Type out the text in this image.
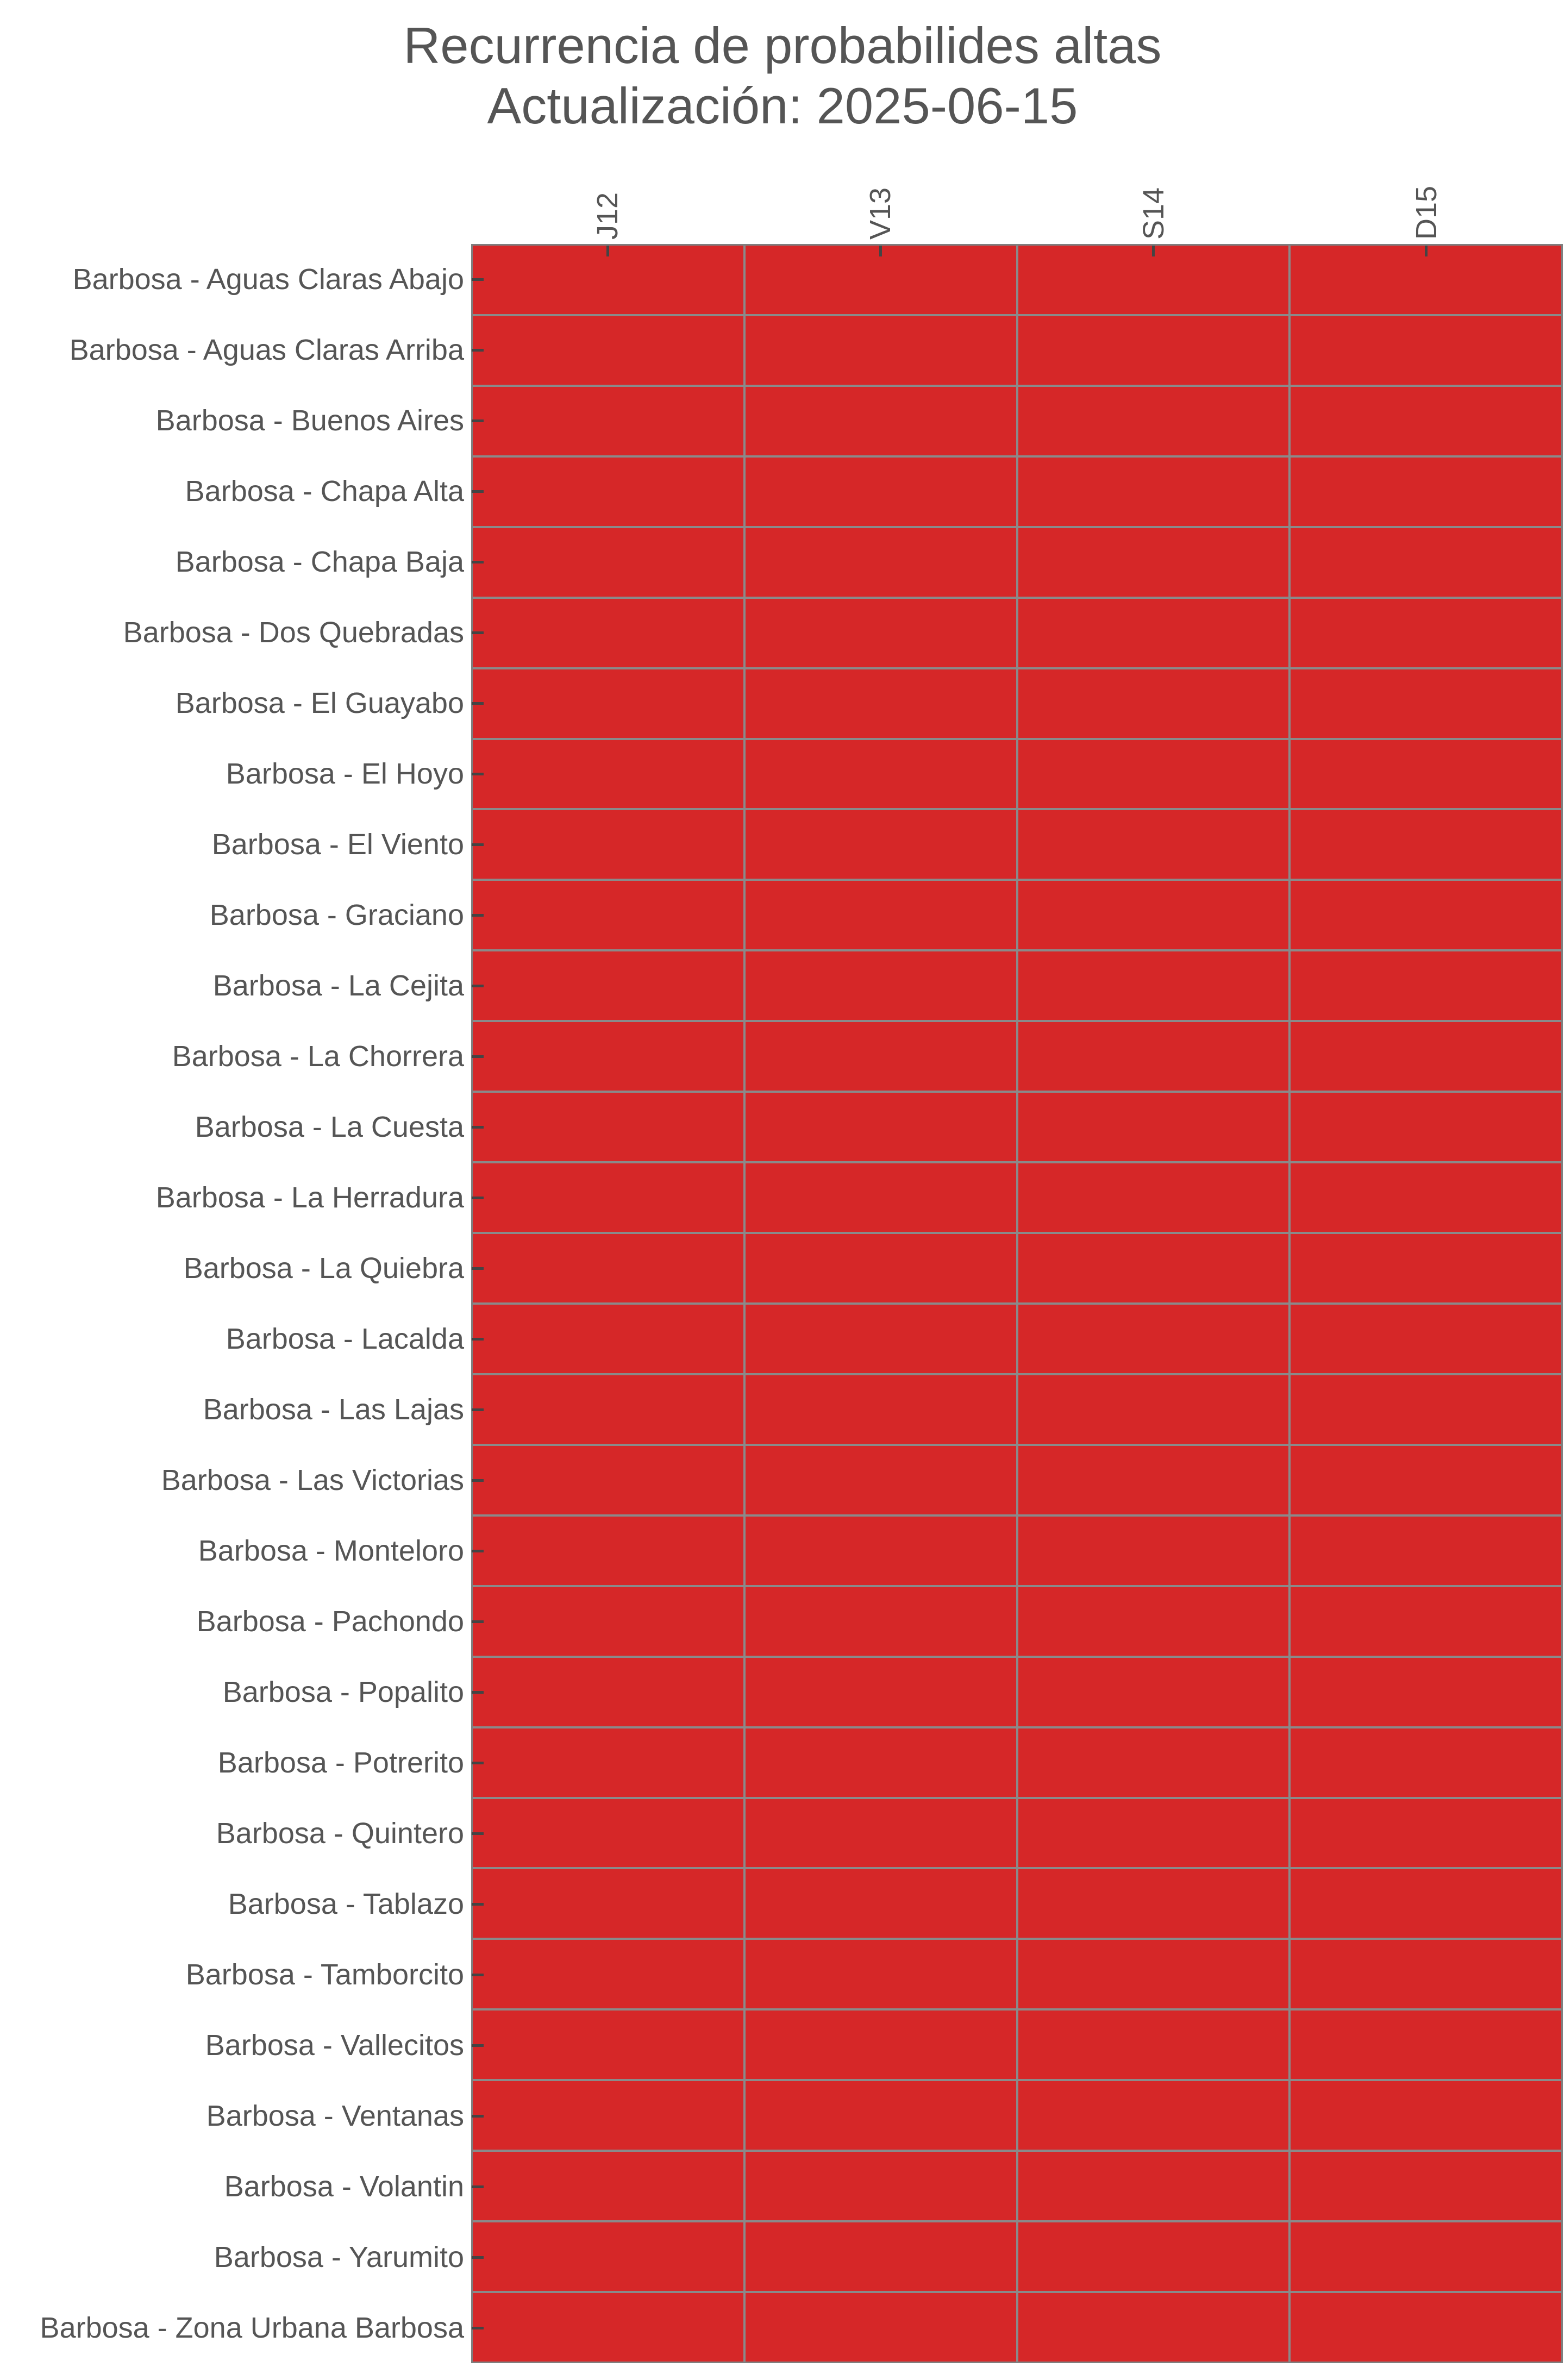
Recurrencia de probabilides altas
Actualización: 2025-06-15
Barbosa - Aguas Claras Abajo
Barbosa - Aguas Claras Arriba
Barbosa - Buenos Aires
Barbosa - Chapa Alta
Barbosa - Chapa Baja
Barbosa - Dos Quebradas
Barbosa - El Guayabo
Barbosa - El Hoyo
Barbosa - El Viento
Barbosa - Graciano
Barbosa - La Cejita
Barbosa - La Chorrera
Barbosa - La Cuesta
Barbosa - La Herradura
Barbosa - La Quiebra
Barbosa - Lacalda
Barbosa - Las Lajas
Barbosa - Las Victorias
Barbosa - Monteloro
Barbosa - Pachondo
Barbosa - Popalito
Barbosa - Potrerito
Barbosa - Quintero
Barbosa - Tablazo
Barbosa - Tamborcito
Barbosa - Vallecitos
Barbosa - Ventanas
Barbosa - Volantin
Barbosa - Yarumito
Barbosa - Zona Urbana Barbosa
J12	V13	S14	D15
